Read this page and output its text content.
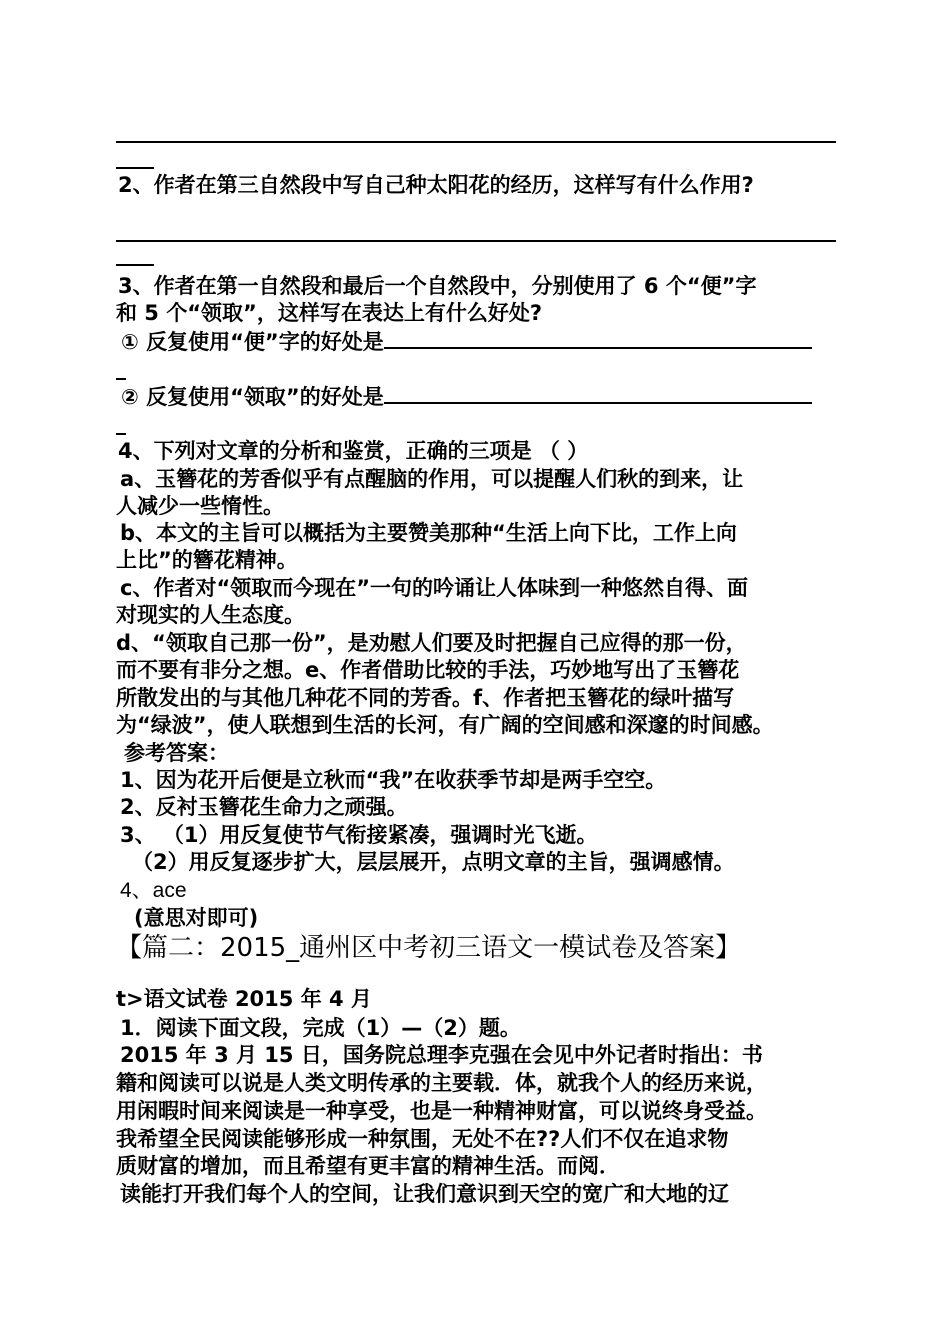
2、作者在第三自然段中写自己种太阳花的经历，这样写有什么作用?
3、作者在第一自然段和最后一个自然段中，分别使用了 6 个“便”字
和 5 个“领取”，这样写在表达上有什么好处?
① 反复使用“便”字的好处是
② 反复使用“领取”的好处是
4、下列对文章的分析和鉴赏，正确的三项是 （ ）
a、玉簪花的芳香似乎有点醒脑的作用，可以提醒人们秋的到来，让
人减少一些惰性。
b、本文的主旨可以概括为主要赞美那种“生活上向下比，工作上向
上比”的簪花精神。
c、作者对“领取而今现在”一句的吟诵让人体味到一种悠然自得、面
对现实的人生态度。
d、“领取自己那一份”，是劝慰人们要及时把握自己应得的那一份，
而不要有非分之想。e、作者借助比较的手法，巧妙地写出了玉簪花
所散发出的与其他几种花不同的芳香。f、作者把玉簪花的绿叶描写
为“绿波”，使人联想到生活的长河，有广阔的空间感和深邃的时间感。
参考答案：
1、因为花开后便是立秋而“我”在收获季节却是两手空空。
2、反衬玉簪花生命力之顽强。
3、 （1）用反复使节气衔接紧凑，强调时光飞逝。
（2）用反复逐步扩大，层层展开，点明文章的主旨，强调感情。
4、ace
(意思对即可)
【篇二：2015_通州区中考初三语文一模试卷及答案】
t>语文试卷 2015 年 4 月
1．阅读下面文段，完成（1）—（2）题。
2015 年 3 月 15 日，国务院总理李克强在会见中外记者时指出：书
籍和阅读可以说是人类文明传承的主要载．体，就我个人的经历来说，
用闲暇时间来阅读是一种享受，也是一种精神财富，可以说终身受益。
我希望全民阅读能够形成一种氛围，无处不在??人们不仅在追求物
质财富的增加，而且希望有更丰富的精神生活。而阅．
读能打开我们每个人的空间，让我们意识到天空的宽广和大地的辽
